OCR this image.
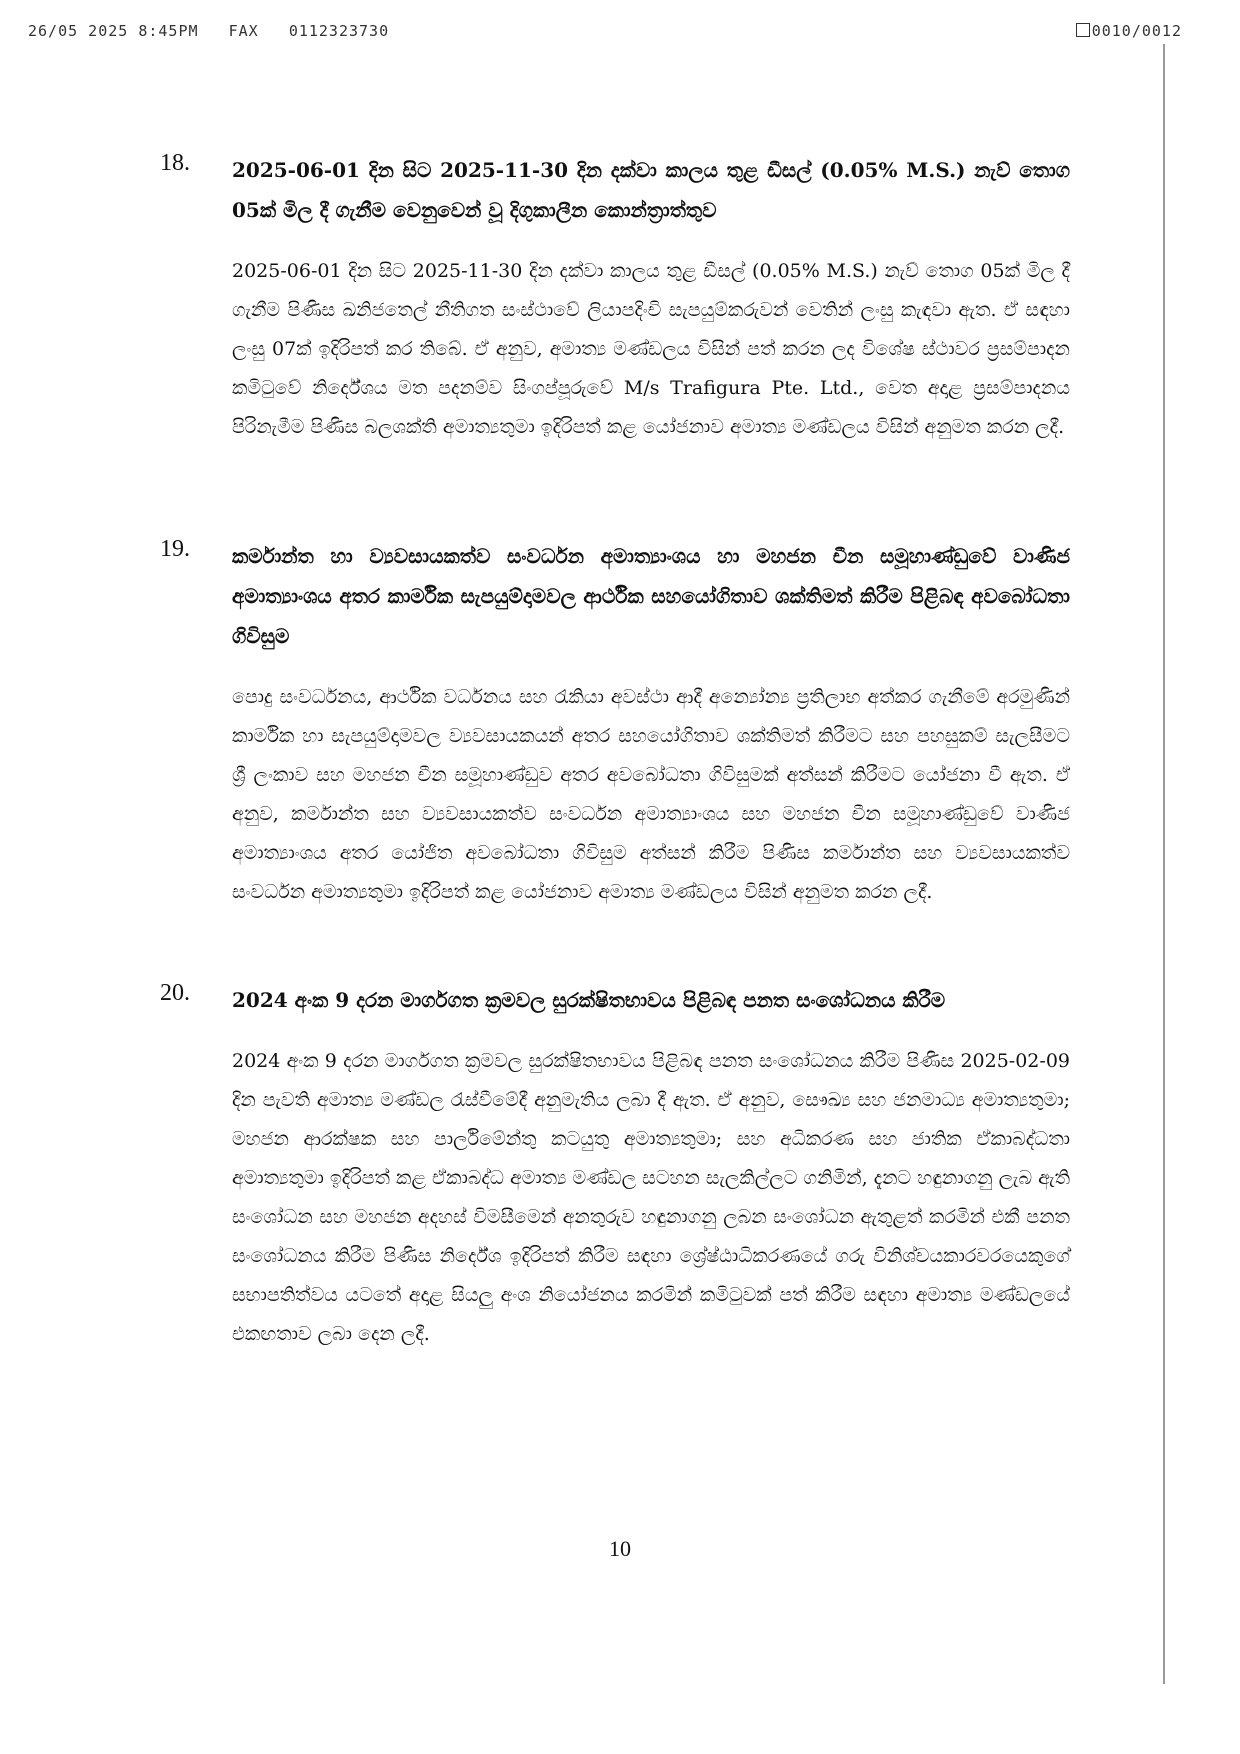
26/05 2025 8:45PM FAX 0112323730	0010/0012
18. 2025-06-01 දින සිට 2025-11-30 දින දක්වා කාලය තුළ ඩීසල් (0.05% M.S.) නැව් තොග 05ක් මිල දී ගැනීම වෙනුවෙන් වූ දිගුකාලීන කොන්ත්‍රාත්තුව
2025-06-01 දින සිට 2025-11-30 දින දක්වා කාලය තුළ ඩීසල් (0.05% M.S.) නැව් තොග 05ක් මිල දී ගැනීම පිණිස ඛනිජතෙල් නීතිගත සංස්ථාවේ ලියාපදිංචි සැපයුම්කරුවන් වෙතින් ලංසු කැඳවා ඇත. ඒ සඳහා ලංසු 07ක් ඉදිරිපත් කර තිබේ. ඒ අනුව, අමාත්‍ය මණ්ඩලය විසින් පත් කරන ලද විශේෂ ස්ථාවර ප්‍රසම්පාදන කමිටුවේ නිර්දේශය මත පදනම්ව සිංගප්පූරුවේ M/s Trafigura Pte. Ltd., වෙත අදාළ ප්‍රසම්පාදනය පිරිනැමීම පිණිස බලශක්ති අමාත්‍යතුමා ඉදිරිපත් කළ යෝජනාව අමාත්‍ය මණ්ඩලය විසින් අනුමත කරන ලදී.
19. කර්මාන්ත හා ව්‍යවසායකත්ව සංවර්ධන අමාත්‍යාංශය හා මහජන චීන සමූහාණ්ඩුවේ වාණිජ අමාත්‍යාංශය අතර කාර්මික සැපයුම්දාමවල ආර්ථික සහයෝගිතාව ශක්තිමත් කිරීම පිළිබඳ අවබෝධතා ගිවිසුම
පොදු සංවර්ධනය, ආර්ථික වර්ධනය සහ රැකියා අවස්ථා ආදී අන්‍යෝන්‍ය ප්‍රතිලාභ අත්කර ගැනීමේ අරමුණින් කාර්මික හා සැපයුම්දාමවල ව්‍යවසායකයන් අතර සහයෝගිතාව ශක්තිමත් කිරීමට සහ පහසුකම් සැලසීමට ශ්‍රී ලංකාව සහ මහජන චීන සමූහාණ්ඩුව අතර අවබෝධතා ගිවිසුමක් අත්සන් කිරීමට යෝජනා වී ඇත. ඒ අනුව, කර්මාන්ත සහ ව්‍යවසායකත්ව සංවර්ධන අමාත්‍යාංශය සහ මහජන චීන සමූහාණ්ඩුවේ වාණිජ අමාත්‍යාංශය අතර යෝජිත අවබෝධතා ගිවිසුම අත්සන් කිරීම පිණිස කර්මාන්ත සහ ව්‍යවසායකත්ව සංවර්ධන අමාත්‍යතුමා ඉදිරිපත් කළ යෝජනාව අමාත්‍ය මණ්ඩලය විසින් අනුමත කරන ලදී.
20. 2024 අංක 9 දරන මාර්ගගත ක්‍රමවල සුරක්ෂිතභාවය පිළිබඳ පනත සංශෝධනය කිරීම
2024 අංක 9 දරන මාර්ගගත ක්‍රමවල සුරක්ෂිතභාවය පිළිබඳ පනත සංශෝධනය කිරීම පිණිස 2025-02-09 දින පැවති අමාත්‍ය මණ්ඩල රැස්වීමේදී අනුමැතිය ලබා දී ඇත. ඒ අනුව, සෞඛ්‍ය සහ ජනමාධ්‍ය අමාත්‍යතුමා; මහජන ආරක්ෂක සහ පාර්ලිමේන්තු කටයුතු අමාත්‍යතුමා; සහ අධිකරණ සහ ජාතික ඒකාබද්ධතා අමාත්‍යතුමා ඉදිරිපත් කළ ඒකාබද්ධ අමාත්‍ය මණ්ඩල සටහන සැලකිල්ලට ගනිමින්, දැනට හඳුනාගනු ලැබ ඇති සංශෝධන සහ මහජන අදහස් විමසීමෙන් අනතුරුව හඳුනාගනු ලබන සංශෝධන ඇතුළත් කරමින් එකී පනත සංශෝධනය කිරීම පිණිස නිර්දේශ ඉදිරිපත් කිරීම සඳහා ශ්‍රේෂ්ඨාධිකරණයේ ගරු විනිශ්චයකාරවරයෙකුගේ සභාපතිත්වය යටතේ අදාළ සියලු අංශ නියෝජනය කරමින් කමිටුවක් පත් කිරීම සඳහා අමාත්‍ය මණ්ඩලයේ එකඟතාව ලබා දෙන ලදී.
10
